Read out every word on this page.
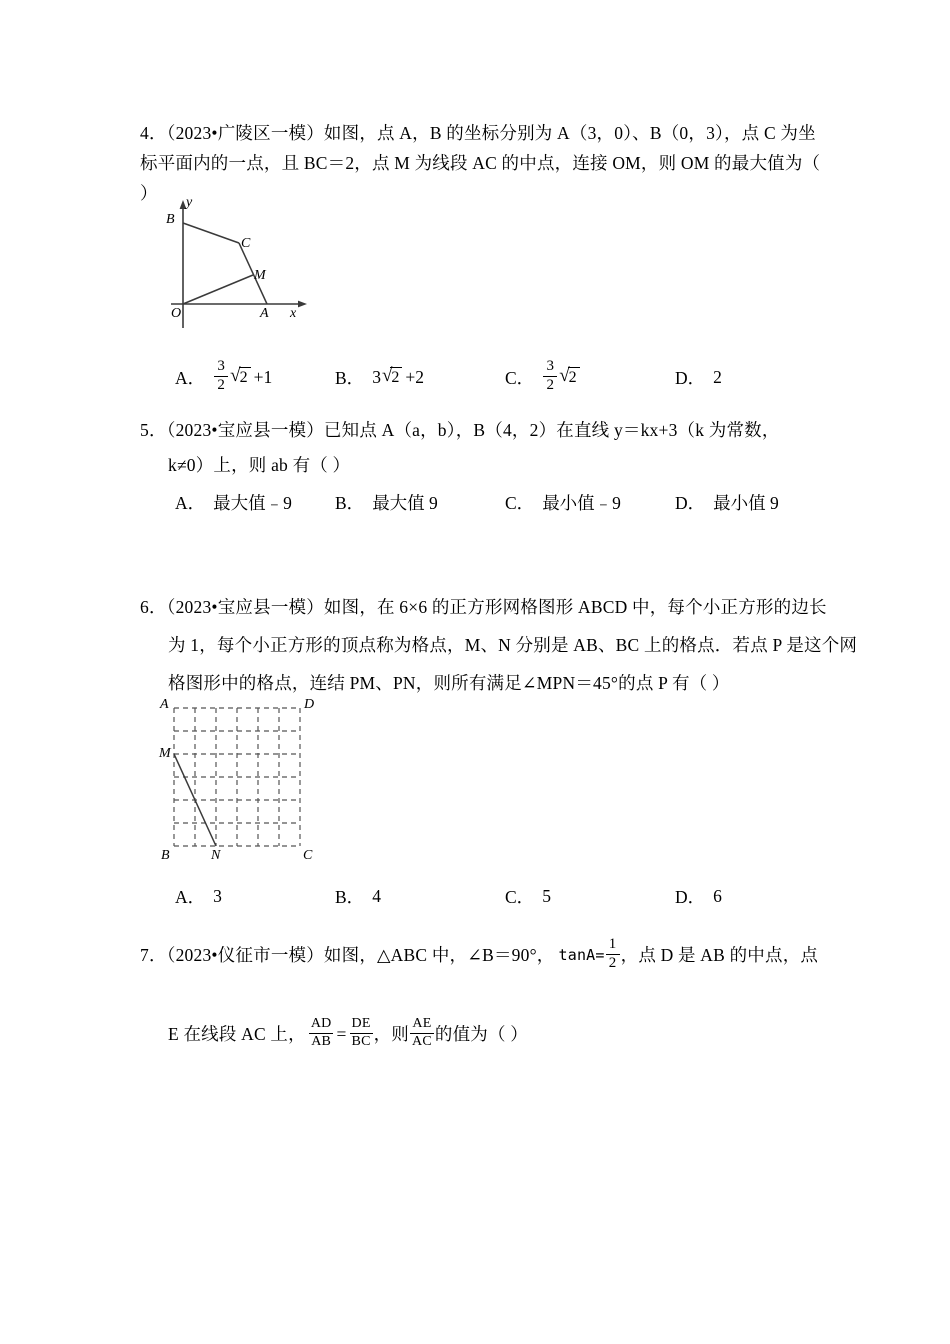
4．（2023•广陵区一模）如图，点 A，B 的坐标分别为 A（3，0）、B（0，3），点 C 为坐
标平面内的一点，且 BC＝2，点 M 为线段 AC 的中点，连接 OM，则 OM 的最大值为（
）
B
C
M
O	A x
y
A． $\frac{3}{2}$ √ 2 +1	B． 3 √ 2 +2	C． $\frac{3}{2}$ √ 2	D． 2
5．（2023•宝应县一模）已知点 A（a，b），B（4，2）在直线 y＝kx+3（k 为常数，
k≠0）上，则 ab 有（ ）
A． 最大值﹣9 B． 最大值 9	C． 最小值﹣9	D． 最小值 9
6．（2023•宝应县一模）如图，在 6×6 的正方形网格图形 ABCD 中，每个小正方形的边长
为 1，每个小正方形的顶点称为格点，M、N 分别是 AB、BC 上的格点．若点 P 是这个网
格图形中的格点，连结 PM、PN，则所有满足∠MPN＝45°的点 P 有（ ）
A	D
M
B	N	C
A． 3	B． 4	C． 5	D． 6
7．（2023•仪征市一模）如图，△ABC 中，∠B＝90°， $\tan A= \frac{1}{2}$ ，点 D 是 AB 的中点，点
E 在线段 AC 上， $\frac{AD}{AB} = \frac{DE}{BC}$ ，则 $\frac{AE}{AC}$ 的值为（ ）
